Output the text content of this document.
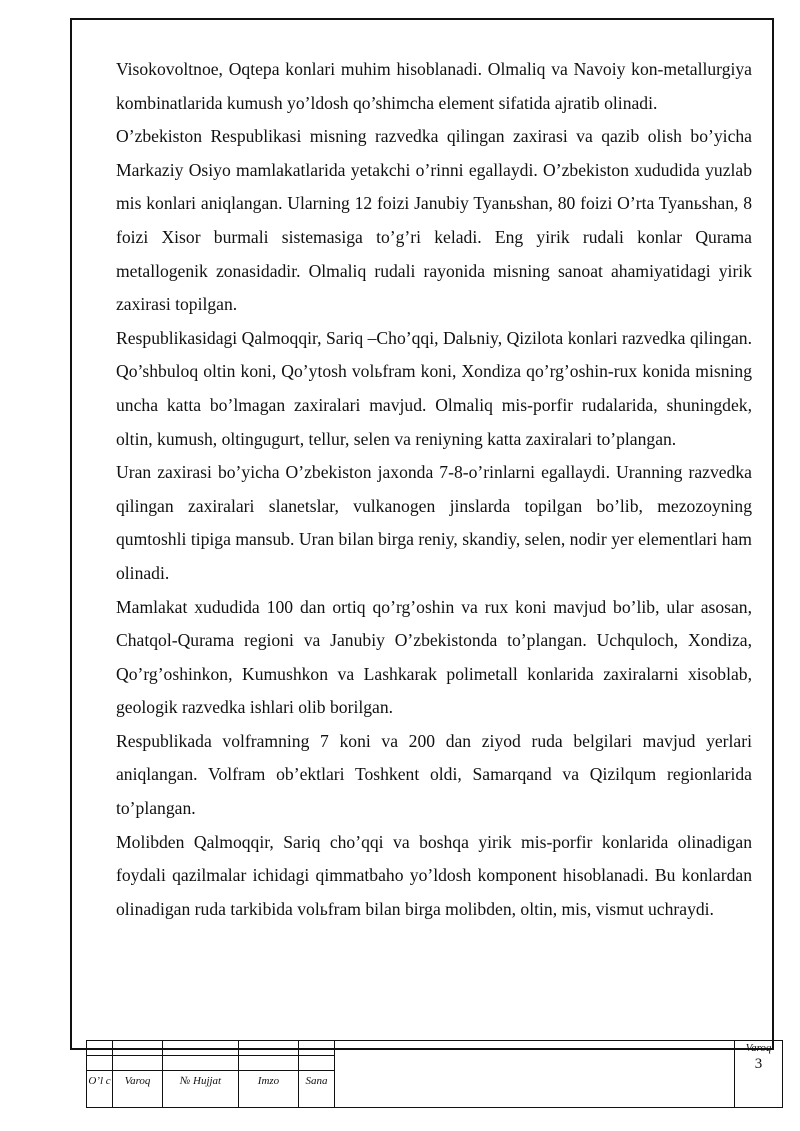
Visokovoltnoe, Oqtepa konlari muhim hisoblanadi. Olmaliq va Navoiy kon-metallurgiya kombinatlarida kumush yo’ldosh qo’shimcha element sifatida ajratib olinadi.

O’zbekiston Respublikasi misning razvedka qilingan zaxirasi va qazib olish bo’yicha Markaziy Osiyo mamlakatlarida yetakchi o’rinni egallaydi. O’zbekiston xududida yuzlab mis konlari aniqlangan. Ularning 12 foizi Janubiy Tyanьshan, 80 foizi O’rta Tyanьshan, 8 foizi Xisor burmali sistemasiga to’g’ri keladi. Eng yirik rudali konlar Qurama metallogenik zonasidadir. Olmaliq rudali rayonida misning sanoat ahamiyatidagi yirik zaxirasi topilgan.

Respublikasidagi Qalmoqqir, Sariq –Cho’qqi, Dalьniy, Qizilota konlari razvedka qilingan. Qo’shbuloq oltin koni, Qo’ytosh volьfram koni, Xondiza qo’rg’oshin-rux konida misning uncha katta bo’lmagan zaxiralari mavjud. Olmaliq mis-porfir rudalarida, shuningdek, oltin, kumush, oltingugurt, tellur, selen va reniyning katta zaxiralari to’plangan.

Uran zaxirasi bo’yicha O’zbekiston jaxonda 7-8-o’rinlarni egallaydi. Uranning razvedka qilingan zaxiralari slanetslar, vulkanogen jinslarda topilgan bo’lib, mezozoyning qumtoshli tipiga mansub. Uran bilan birga reniy, skandiy, selen, nodir yer elementlari ham olinadi.

Mamlakat xududida 100 dan ortiq qo’rg’oshin va rux koni mavjud bo’lib, ular asosan, Chatqol-Qurama regioni va Janubiy O’zbekistonda to’plangan. Uchquloch, Xondiza, Qo’rg’oshinkon, Kumushkon va Lashkarak polimetall konlarida zaxiralarni xisoblab, geologik razvedka ishlari olib borilgan.

Respublikada volframning 7 koni va 200 dan ziyod ruda belgilari mavjud yerlari aniqlangan. Volfram ob’ektlari Toshkent oldi, Samarqand va Qizilqum regionlarida to’plangan.

Molibden Qalmoqqir, Sariq cho’qqi va boshqa yirik mis-porfir konlarida olinadigan foydali qazilmalar ichidagi qimmatbaho yo’ldosh komponent hisoblanadi. Bu konlardan olinadigan ruda tarkibida volьfram bilan birga molibden, oltin, mis, vismut uchraydi.

						Varoq
3

O’l c	Varoq	№ Hujjat	Imzo	Sana		
